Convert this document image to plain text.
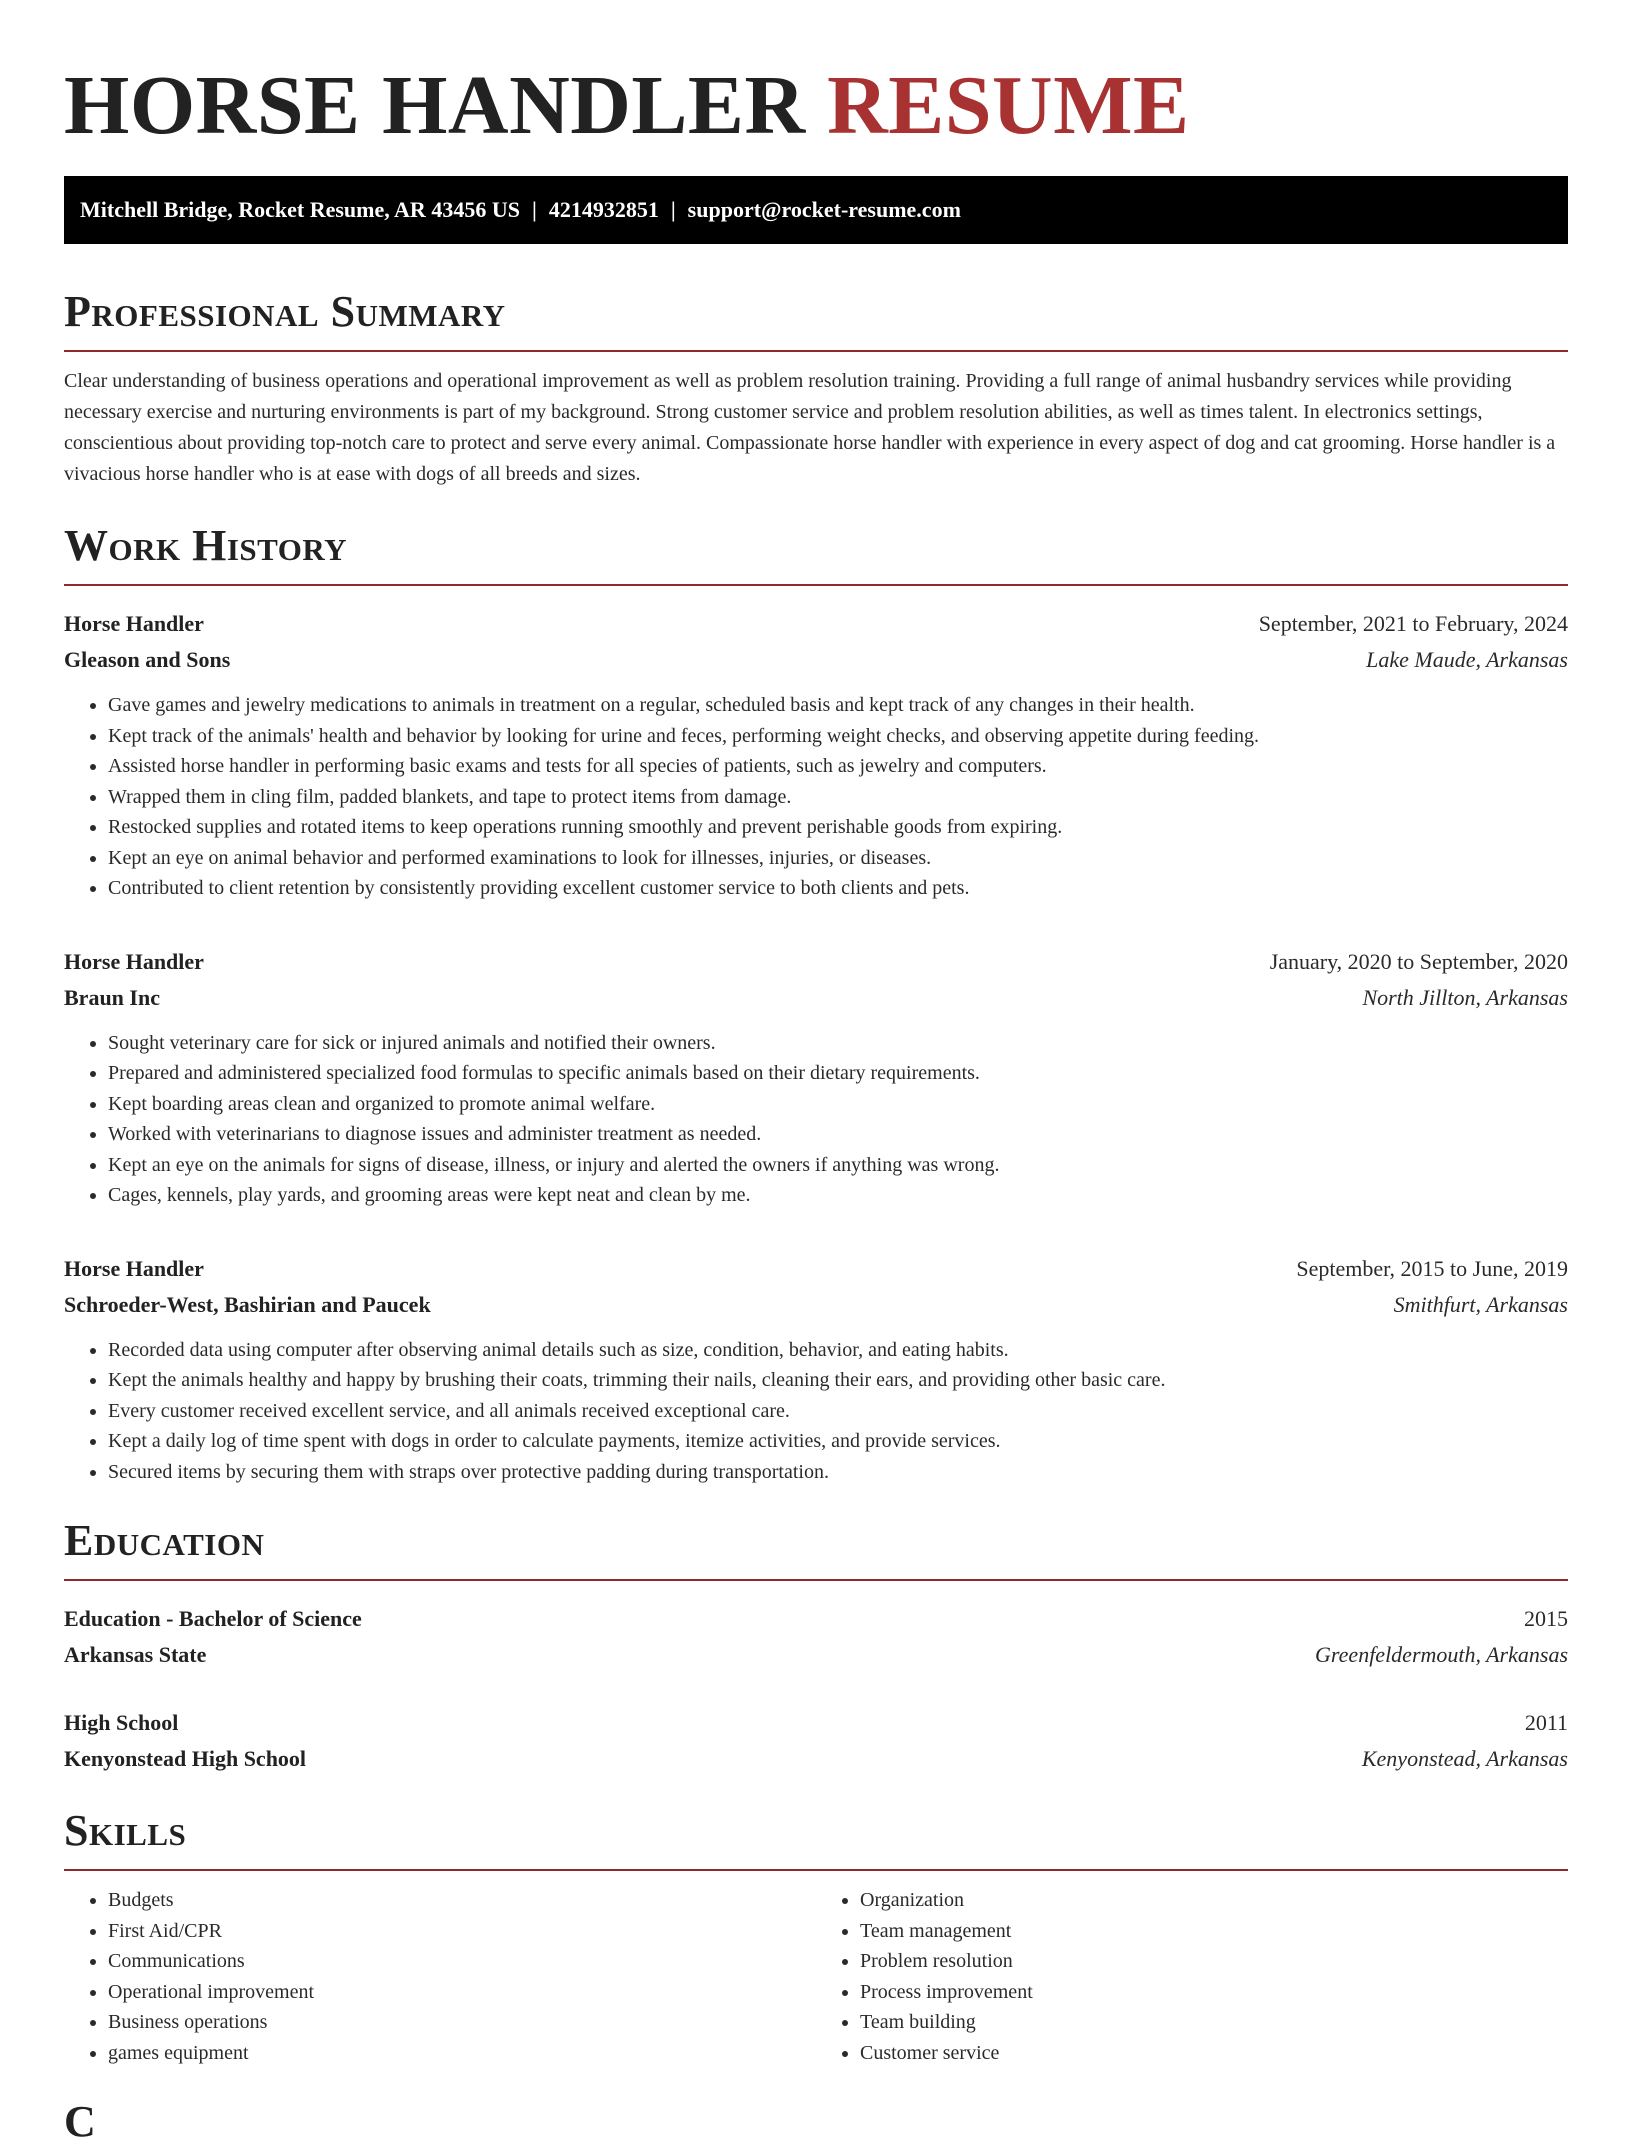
HORSE HANDLER RESUME
Mitchell Bridge, Rocket Resume, AR 43456 US | 4214932851 | support@rocket-resume.com
Professional Summary

Clear understanding of business operations and operational improvement as well as problem resolution training. Providing a full range of animal husbandry services while providing necessary exercise and nurturing environments is part of my background. Strong customer service and problem resolution abilities, as well as times talent. In electronics settings, conscientious about providing top-notch care to protect and serve every animal. Compassionate horse handler with experience in every aspect of dog and cat grooming. Horse handler is a vivacious horse handler who is at ease with dogs of all breeds and sizes.

Work History
Horse Handler	September, 2021 to February, 2024
Gleason and Sons	Lake Maude, Arkansas
• Gave games and jewelry medications to animals in treatment on a regular, scheduled basis and kept track of any changes in their health.
• Kept track of the animals' health and behavior by looking for urine and feces, performing weight checks, and observing appetite during feeding.
• Assisted horse handler in performing basic exams and tests for all species of patients, such as jewelry and computers.
• Wrapped them in cling film, padded blankets, and tape to protect items from damage.
• Restocked supplies and rotated items to keep operations running smoothly and prevent perishable goods from expiring.
• Kept an eye on animal behavior and performed examinations to look for illnesses, injuries, or diseases.
• Contributed to client retention by consistently providing excellent customer service to both clients and pets.
Horse Handler	January, 2020 to September, 2020
Braun Inc	North Jillton, Arkansas
• Sought veterinary care for sick or injured animals and notified their owners.
• Prepared and administered specialized food formulas to specific animals based on their dietary requirements.
• Kept boarding areas clean and organized to promote animal welfare.
• Worked with veterinarians to diagnose issues and administer treatment as needed.
• Kept an eye on the animals for signs of disease, illness, or injury and alerted the owners if anything was wrong.
• Cages, kennels, play yards, and grooming areas were kept neat and clean by me.
Horse Handler	September, 2015 to June, 2019
Schroeder-West, Bashirian and Paucek	Smithfurt, Arkansas
• Recorded data using computer after observing animal details such as size, condition, behavior, and eating habits.
• Kept the animals healthy and happy by brushing their coats, trimming their nails, cleaning their ears, and providing other basic care.
• Every customer received excellent service, and all animals received exceptional care.
• Kept a daily log of time spent with dogs in order to calculate payments, itemize activities, and provide services.
• Secured items by securing them with straps over protective padding during transportation.
Education
Education - Bachelor of Science	2015
Arkansas State	Greenfeldermouth, Arkansas
High School	2011
Kenyonstead High School	Kenyonstead, Arkansas
Skills
• Budgets
• First Aid/CPR
• Communications
• Operational improvement
• Business operations
• games equipment
• Organization
• Team management
• Problem resolution
• Process improvement
• Team building
• Customer service
C
